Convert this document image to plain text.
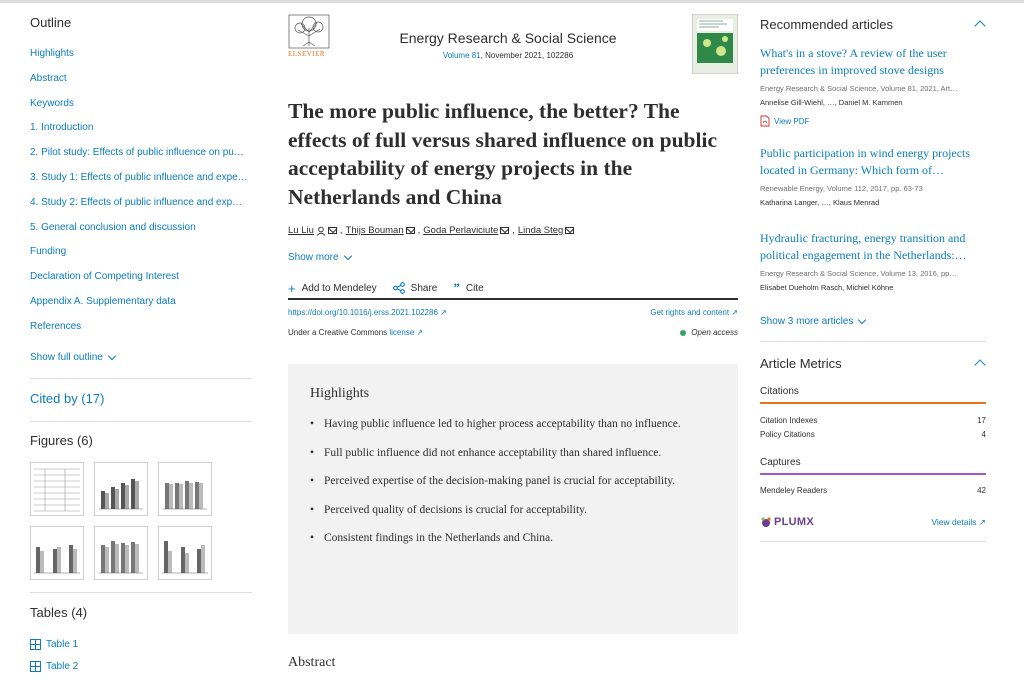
Outline
Highlights
Abstract
Keywords
1. Introduction
2. Pilot study: Effects of public influence on pu…
3. Study 1: Effects of public influence and expe…
4. Study 2: Effects of public influence and exp…
5. General conclusion and discussion
Funding
Declaration of Competing Interest
Appendix A. Supplementary data
References
Show full outline
Cited by (17)
Figures (6)
Tables (4)
Table 1
Table 2
ELSEVIER
Energy Research & Social Science
Volume 81, November 2021, 102286
The more public influence, the better? The effects of full versus shared influence on public acceptability of energy projects in the Netherlands and China
Lu Liu	, Thijs Bouman , Goda Perlaviciute , Linda Steg
Show more
+ Add to Mendeley	Share ” Cite
https://doi.org/10.1016/j.erss.2021.102286 ↗	Get rights and content ↗
Under a Creative Commons license ↗	Open access
Highlights
• Having public influence led to higher process acceptability than no influence.
• Full public influence did not enhance acceptability than shared influence.
• Perceived expertise of the decision-making panel is crucial for acceptability.
• Perceived quality of decisions is crucial for acceptability.
• Consistent findings in the Netherlands and China.
Abstract
Recommended articles
What's in a stove? A review of the user preferences in improved stove designs
Energy Research & Social Science, Volume 81, 2021, Art…
Annelise Gill-Wiehl, …, Daniel M. Kammen
View PDF
Public participation in wind energy projects located in Germany: Which form of…
Renewable Energy, Volume 112, 2017, pp. 63-73
Katharina Langer, …, Klaus Menrad
Hydraulic fracturing, energy transition and political engagement in the Netherlands:…
Energy Research & Social Science, Volume 13, 2016, pp…
Elisabet Dueholm Rasch, Michiel Köhne
Show 3 more articles
Article Metrics
Citations
Citation Indexes	17
Policy Citations	4
Captures
Mendeley Readers	42
PLUMX	View details ↗
